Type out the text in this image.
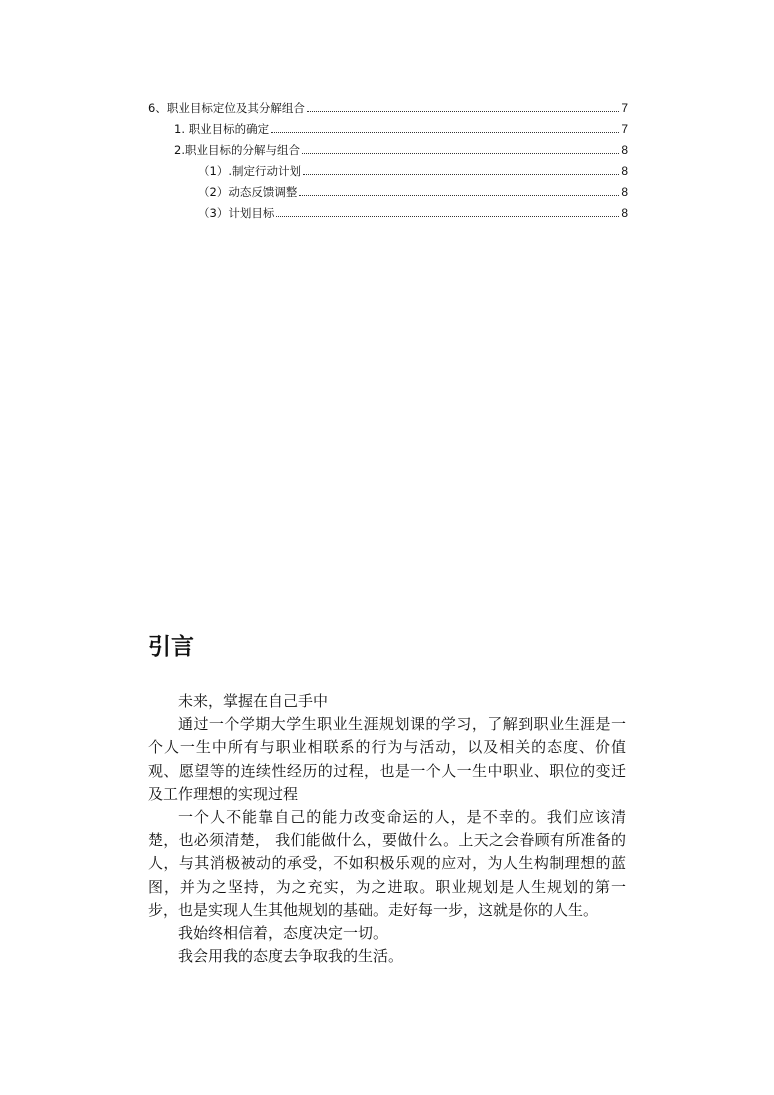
6、职业目标定位及其分解组合	7
1. 职业目标的确定	7
2.职业目标的分解与组合	8
（1）.制定行动计划	8
（2）动态反馈调整	8
（3）计划目标	8
引言

未来，掌握在自己手中

通过一个学期大学生职业生涯规划课的学习，了解到职业生涯是一个人一生中所有与职业相联系的行为与活动，以及相关的态度、价值观、愿望等的连续性经历的过程，也是一个人一生中职业、职位的变迁及工作理想的实现过程

一个人不能靠自己的能力改变命运的人，是不幸的。我们应该清楚，也必须清楚， 我们能做什么，要做什么。上天之会眷顾有所准备的人，与其消极被动的承受，不如积极乐观的应对，为人生构制理想的蓝图，并为之坚持，为之充实，为之进取。职业规划是人生规划的第一步，也是实现人生其他规划的基础。走好每一步，这就是你的人生。

我始终相信着，态度决定一切。

我会用我的态度去争取我的生活。
